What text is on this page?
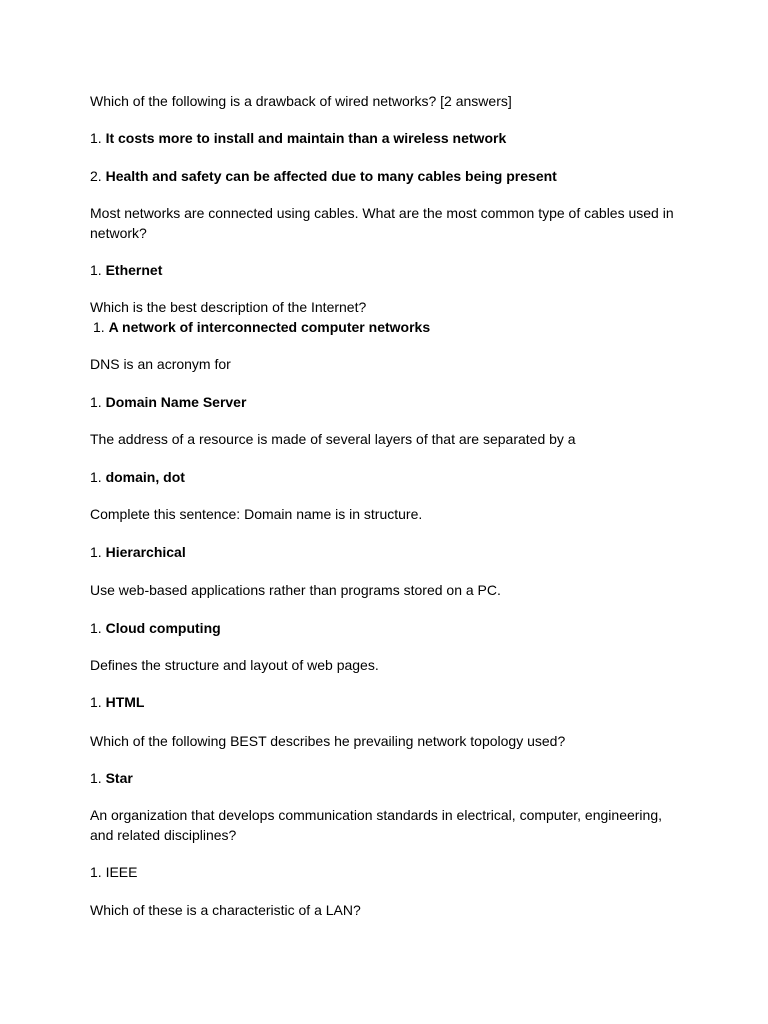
Which of the following is a drawback of wired networks? [2 answers]
1. It costs more to install and maintain than a wireless network
2. Health and safety can be affected due to many cables being present
Most networks are connected using cables. What are the most common type of cables used in network?
1. Ethernet
Which is the best description of the Internet?
1. A network of interconnected computer networks
DNS is an acronym for
1. Domain Name Server
The address of a resource is made of several layers of that are separated by a
1. domain, dot
Complete this sentence: Domain name is in structure.
1. Hierarchical
Use web-based applications rather than programs stored on a PC.
1. Cloud computing
Defines the structure and layout of web pages.
1. HTML
Which of the following BEST describes he prevailing network topology used?
1. Star
An organization that develops communication standards in electrical, computer, engineering, and related disciplines?
1. IEEE
Which of these is a characteristic of a LAN?
